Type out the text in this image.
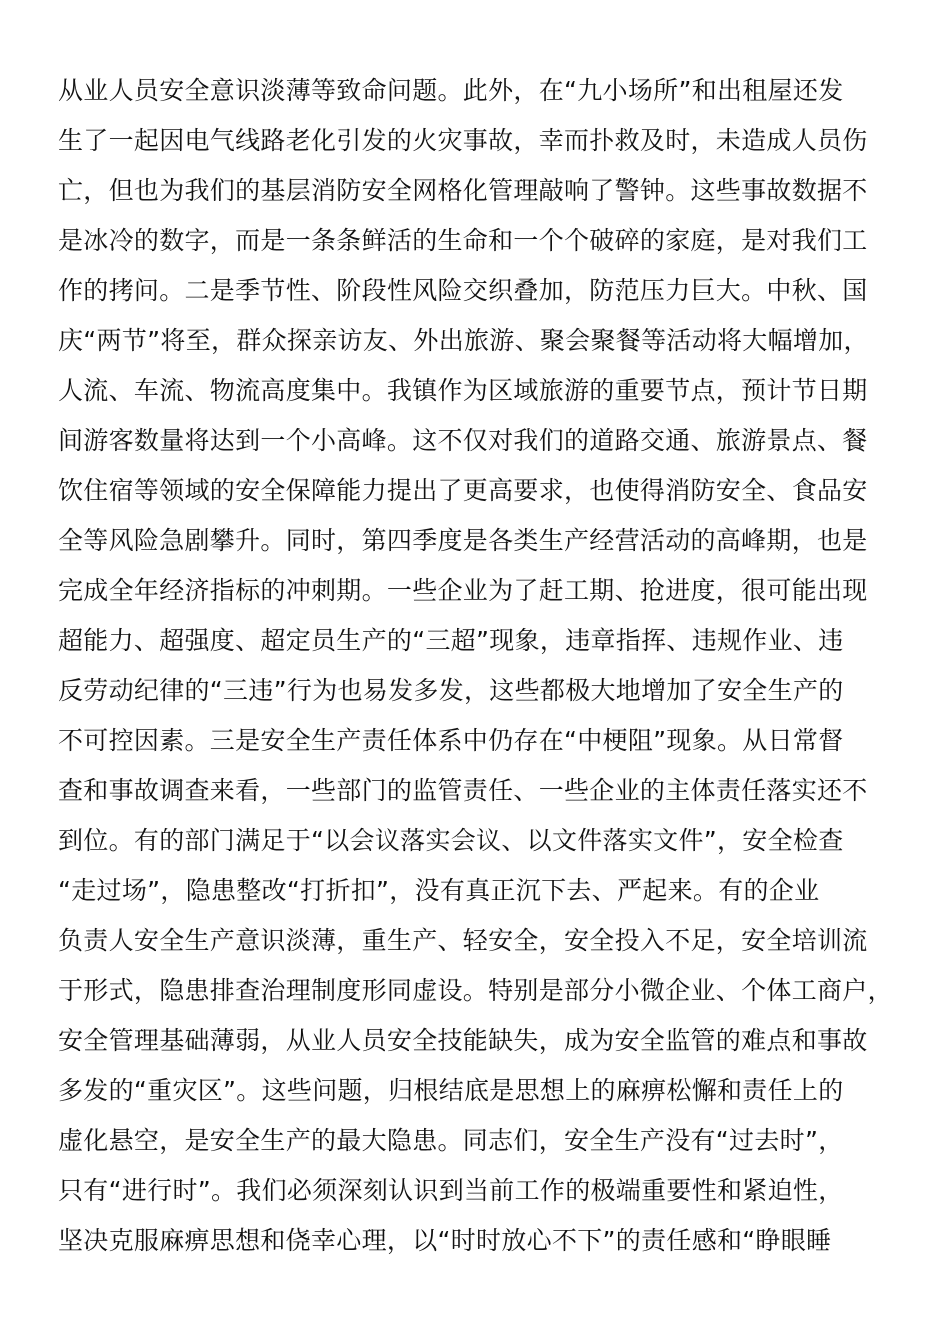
从业人员安全意识淡薄等致命问题。此外，在“九小场所”和出租屋还发
生了一起因电气线路老化引发的火灾事故，幸而扑救及时，未造成人员伤
亡，但也为我们的基层消防安全网格化管理敲响了警钟。这些事故数据不
是冰冷的数字，而是一条条鲜活的生命和一个个破碎的家庭，是对我们工
作的拷问。二是季节性、阶段性风险交织叠加，防范压力巨大。中秋、国
庆“两节”将至，群众探亲访友、外出旅游、聚会聚餐等活动将大幅增加，
人流、车流、物流高度集中。我镇作为区域旅游的重要节点，预计节日期
间游客数量将达到一个小高峰。这不仅对我们的道路交通、旅游景点、餐
饮住宿等领域的安全保障能力提出了更高要求，也使得消防安全、食品安
全等风险急剧攀升。同时，第四季度是各类生产经营活动的高峰期，也是
完成全年经济指标的冲刺期。一些企业为了赶工期、抢进度，很可能出现
超能力、超强度、超定员生产的“三超”现象，违章指挥、违规作业、违
反劳动纪律的“三违”行为也易发多发，这些都极大地增加了安全生产的
不可控因素。三是安全生产责任体系中仍存在“中梗阻”现象。从日常督
查和事故调查来看，一些部门的监管责任、一些企业的主体责任落实还不
到位。有的部门满足于“以会议落实会议、以文件落实文件”，安全检查
“走过场”，隐患整改“打折扣”，没有真正沉下去、严起来。有的企业
负责人安全生产意识淡薄，重生产、轻安全，安全投入不足，安全培训流
于形式，隐患排查治理制度形同虚设。特别是部分小微企业、个体工商户，
安全管理基础薄弱，从业人员安全技能缺失，成为安全监管的难点和事故
多发的“重灾区”。这些问题，归根结底是思想上的麻痹松懈和责任上的
虚化悬空，是安全生产的最大隐患。同志们，安全生产没有“过去时”，
只有“进行时”。我们必须深刻认识到当前工作的极端重要性和紧迫性，
坚决克服麻痹思想和侥幸心理，以“时时放心不下”的责任感和“睁眼睡
